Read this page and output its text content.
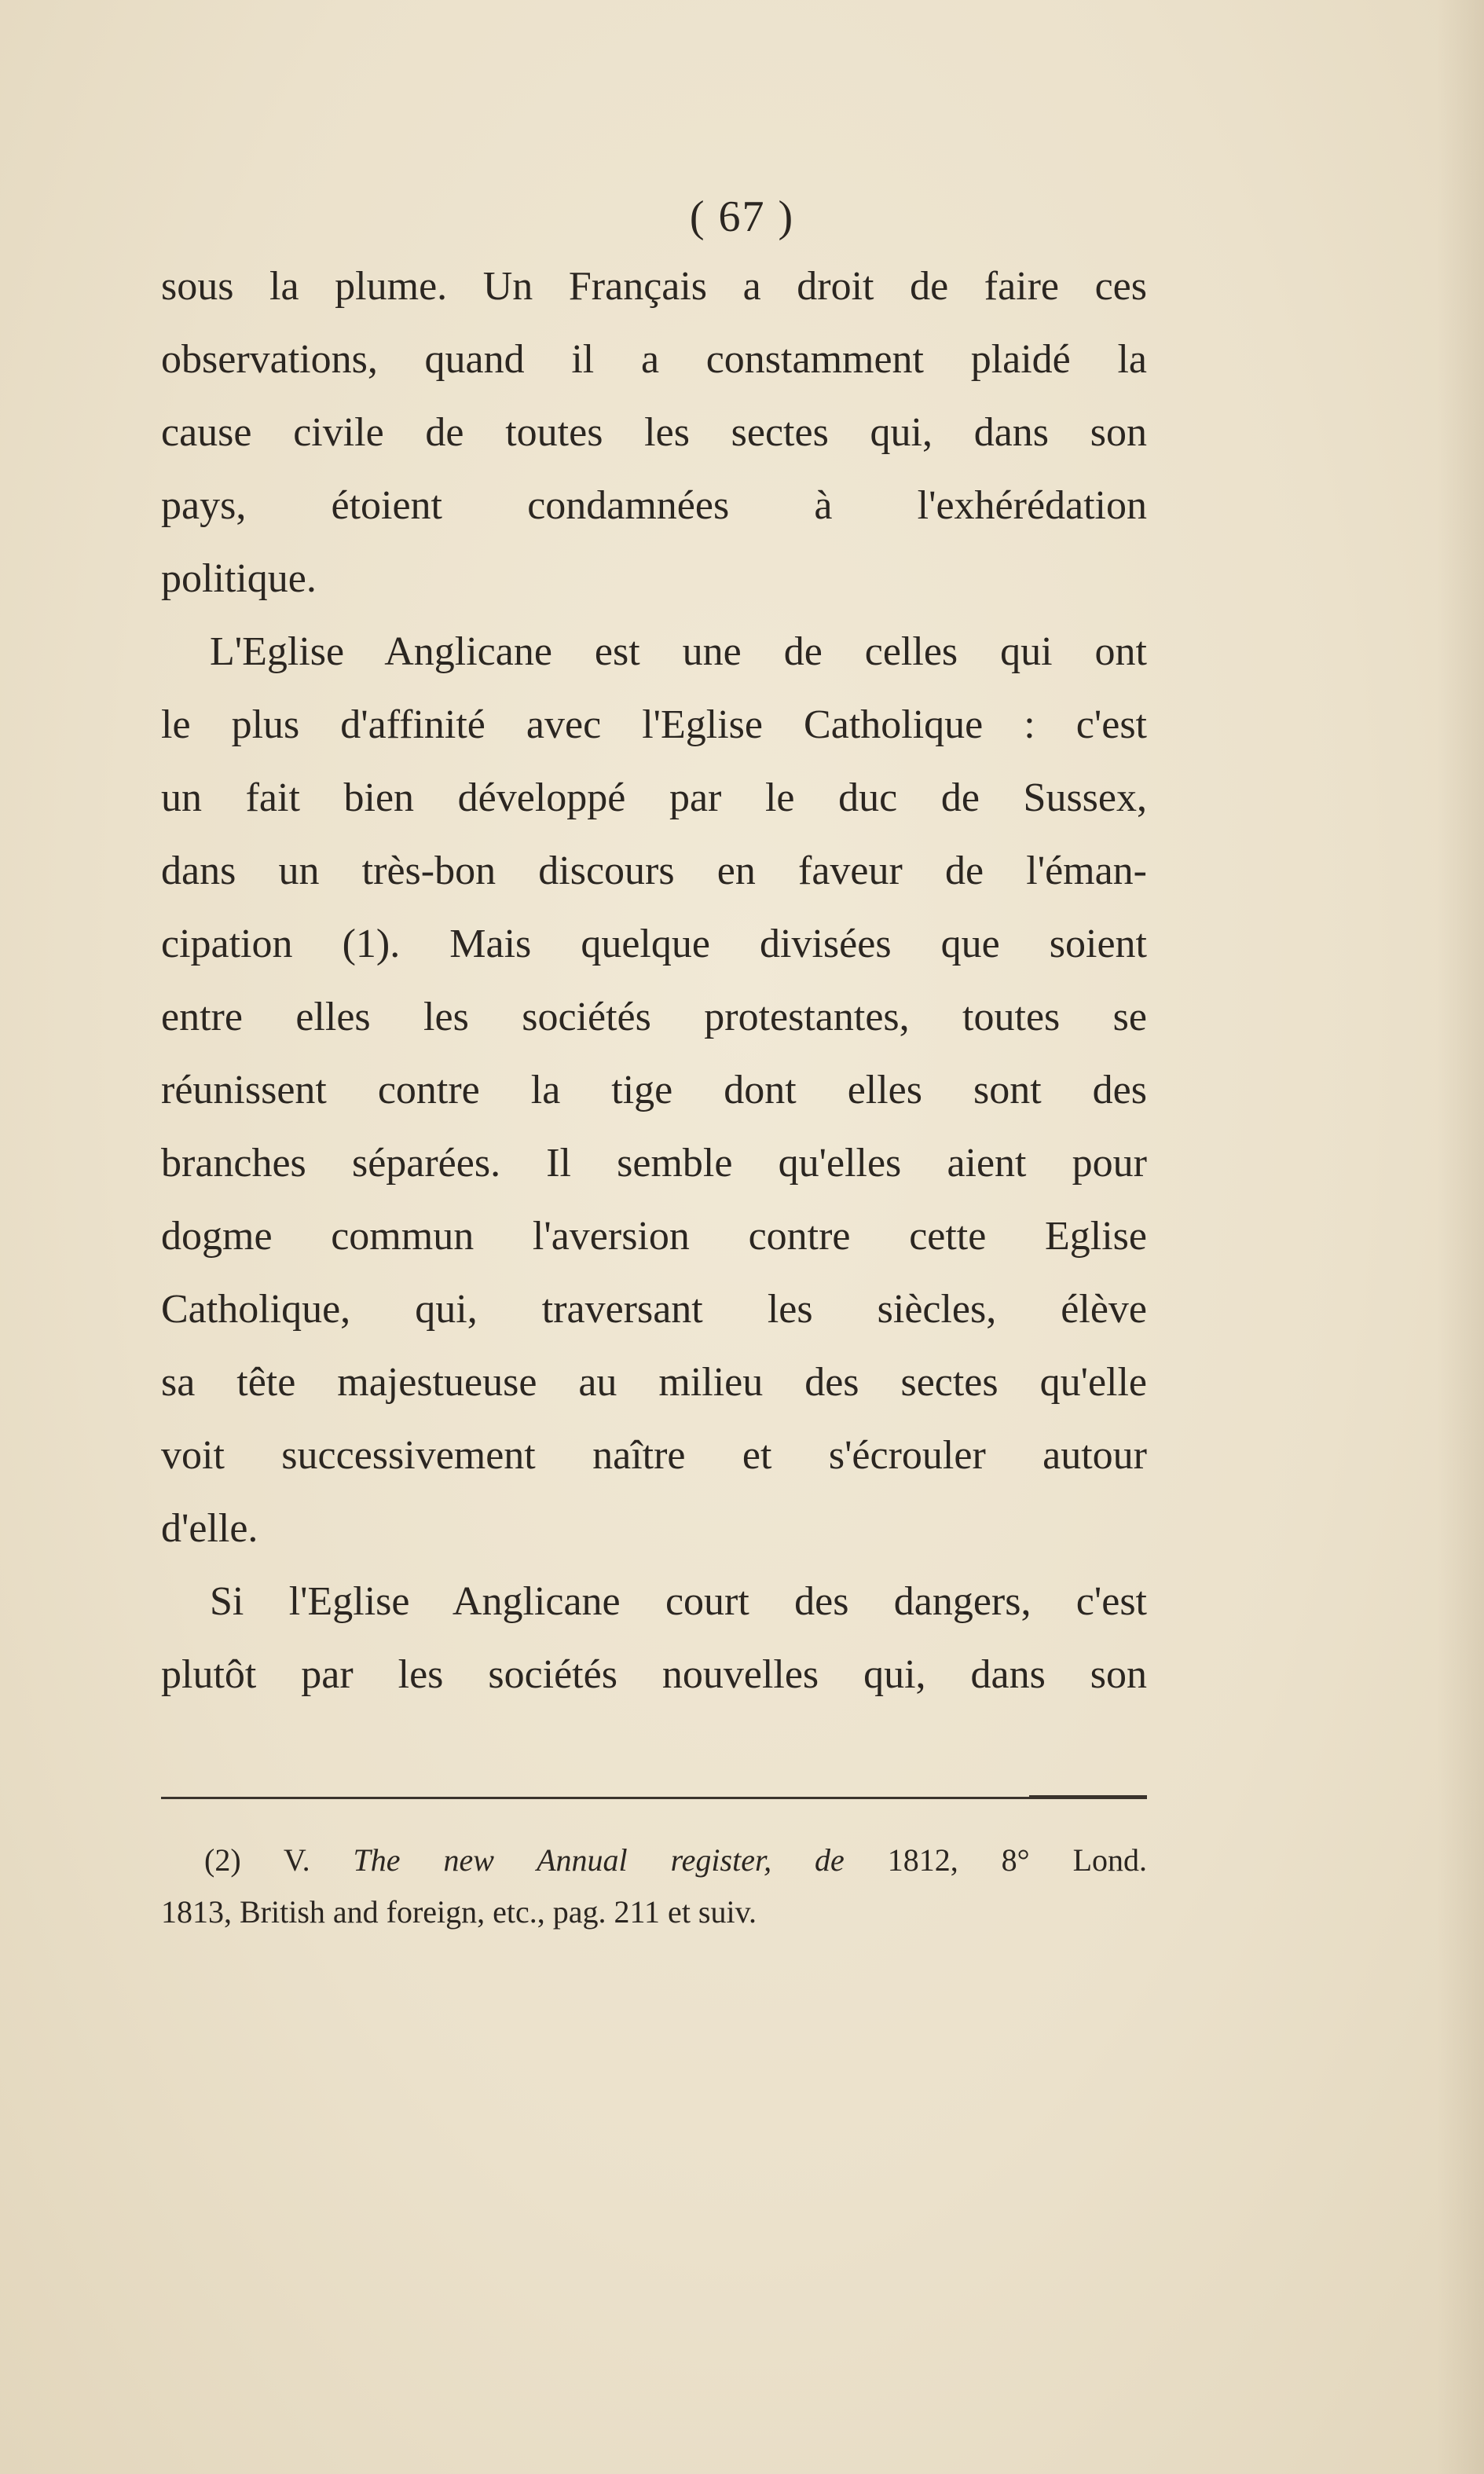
( 67 )
sous la plume. Un Français a droit de faire ces
observations, quand il a constamment plaidé la
cause civile de toutes les sectes qui, dans son
pays, étoient condamnées à l'exhérédation
politique.
L'Eglise Anglicane est une de celles qui ont
le plus d'affinité avec l'Eglise Catholique : c'est
un fait bien développé par le duc de Sussex,
dans un très-bon discours en faveur de l'éman-
cipation (1). Mais quelque divisées que soient
entre elles les sociétés protestantes, toutes se
réunissent contre la tige dont elles sont des
branches séparées. Il semble qu'elles aient pour
dogme commun l'aversion contre cette Eglise
Catholique, qui, traversant les siècles, élève
sa tête majestueuse au milieu des sectes qu'elle
voit successivement naître et s'écrouler autour
d'elle.
Si l'Eglise Anglicane court des dangers, c'est
plutôt par les sociétés nouvelles qui, dans son
(2) V. The new Annual register, de 1812, 8° Lond.
1813, British and foreign, etc., pag. 211 et suiv.
